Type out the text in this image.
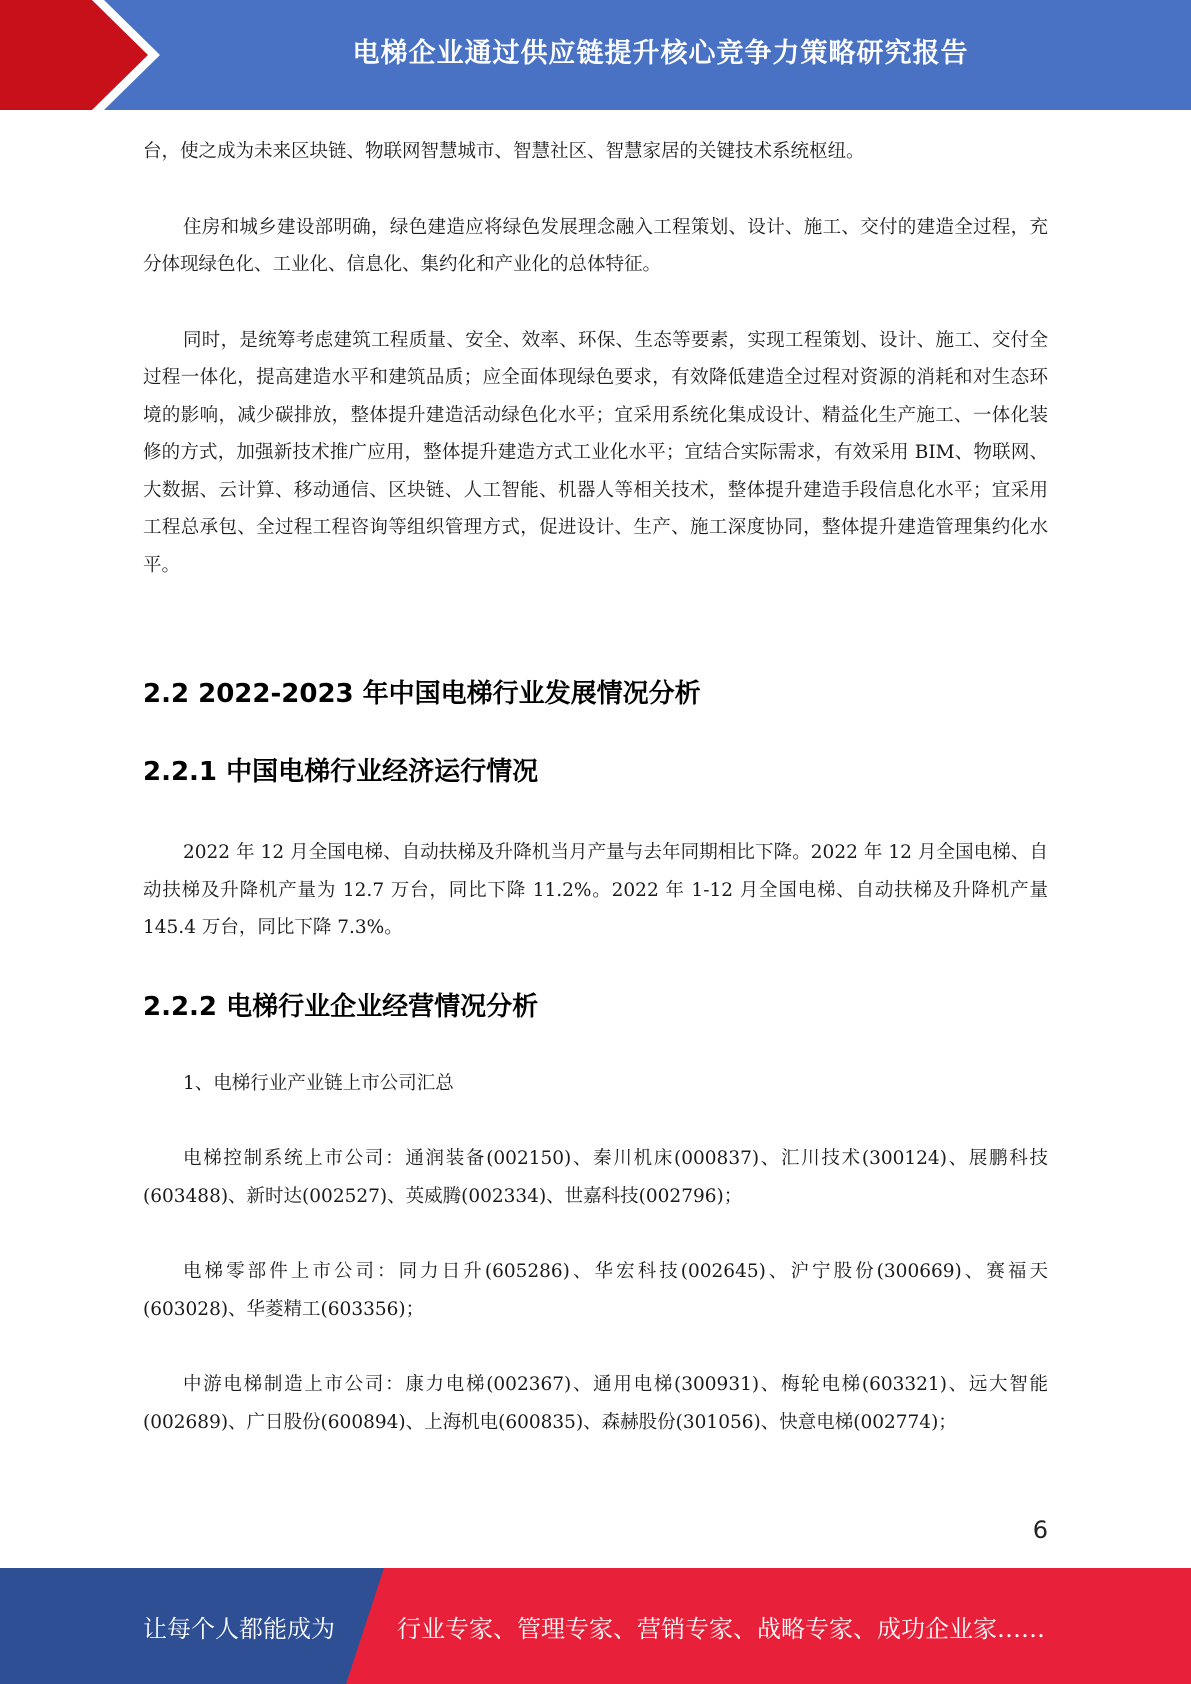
电梯企业通过供应链提升核心竞争力策略研究报告

台，使之成为未来区块链、物联网智慧城市、智慧社区、智慧家居的关键技术系统枢纽。

住房和城乡建设部明确，绿色建造应将绿色发展理念融入工程策划、设计、施工、交付的建造全过程，充分体现绿色化、工业化、信息化、集约化和产业化的总体特征。

同时，是统筹考虑建筑工程质量、安全、效率、环保、生态等要素，实现工程策划、设计、施工、交付全过程一体化，提高建造水平和建筑品质；应全面体现绿色要求，有效降低建造全过程对资源的消耗和对生态环境的影响，减少碳排放，整体提升建造活动绿色化水平；宜采用系统化集成设计、精益化生产施工、一体化装修的方式，加强新技术推广应用，整体提升建造方式工业化水平；宜结合实际需求，有效采用 BIM、物联网、大数据、云计算、移动通信、区块链、人工智能、机器人等相关技术，整体提升建造手段信息化水平；宜采用工程总承包、全过程工程咨询等组织管理方式，促进设计、生产、施工深度协同，整体提升建造管理集约化水平。

2.2 2022-2023 年中国电梯行业发展情况分析
2.2.1 中国电梯行业经济运行情况

2022 年 12 月全国电梯、自动扶梯及升降机当月产量与去年同期相比下降。2022 年 12 月全国电梯、自动扶梯及升降机产量为 12.7 万台，同比下降 11.2%。2022 年 1-12 月全国电梯、自动扶梯及升降机产量 145.4 万台，同比下降 7.3%。

2.2.2 电梯行业企业经营情况分析

1、电梯行业产业链上市公司汇总

电梯控制系统上市公司：通润装备(002150)、秦川机床(000837)、汇川技术(300124)、展鹏科技(603488)、新时达(002527)、英威腾(002334)、世嘉科技(002796)；

电梯零部件上市公司：同力日升(605286)、华宏科技(002645)、沪宁股份(300669)、赛福天(603028)、华菱精工(603356)；

中游电梯制造上市公司：康力电梯(002367)、通用电梯(300931)、梅轮电梯(603321)、远大智能(002689)、广日股份(600894)、上海机电(600835)、森赫股份(301056)、快意电梯(002774)；

6
让每个人都能成为	行业专家、管理专家、营销专家、战略专家、成功企业家……
